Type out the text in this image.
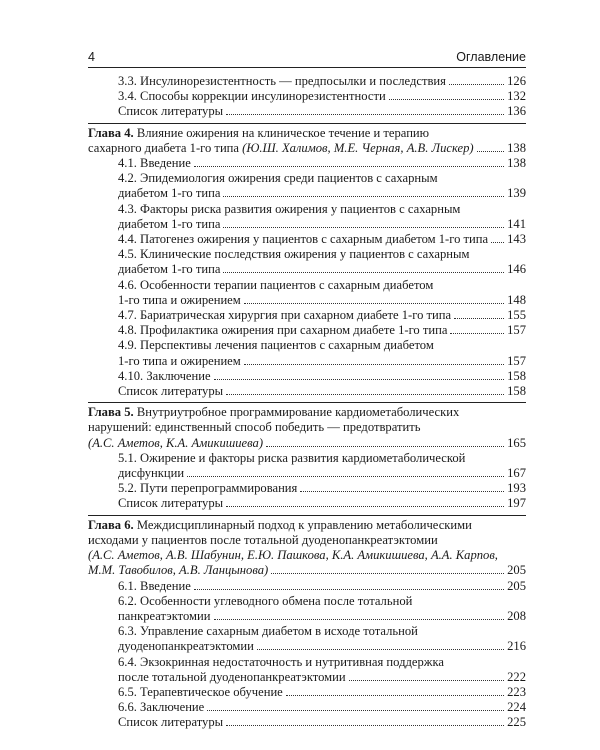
4	Оглавление
3.3. Инсулинорезистентность — предпосылки и последствия	126
3.4. Способы коррекции инсулинорезистентности	132
Список литературы	136
Глава 4. Влияние ожирения на клиническое течение и терапию
сахарного диабета 1-го типа (Ю.Ш. Халимов, М.Е. Черная, А.В. Лискер)	138
4.1. Введение	138
4.2. Эпидемиология ожирения среди пациентов с сахарным
диабетом 1-го типа	139
4.3. Факторы риска развития ожирения у пациентов с сахарным
диабетом 1-го типа	141
4.4. Патогенез ожирения у пациентов с сахарным диабетом 1-го типа 143
4.5. Клинические последствия ожирения у пациентов с сахарным
диабетом 1-го типа	146
4.6. Особенности терапии пациентов с сахарным диабетом
1-го типа и ожирением	148
4.7. Бариатрическая хирургия при сахарном диабете 1-го типа	155
4.8. Профилактика ожирения при сахарном диабете 1-го типа	157
4.9. Перспективы лечения пациентов с сахарным диабетом
1-го типа и ожирением	157
4.10. Заключение	158
Список литературы	158
Глава 5. Внутриутробное программирование кардиометаболических
нарушений: единственный способ победить — предотвратить
(А.С. Аметов, К.А. Амикишиева)	165
5.1. Ожирение и факторы риска развития кардиометаболической
дисфункции	167
5.2. Пути перепрограммирования	193
Список литературы	197
Глава 6. Междисциплинарный подход к управлению метаболическими
исходами у пациентов после тотальной дуоденопанкреатэктомии
(А.С. Аметов, А.В. Шабунин, Е.Ю. Пашкова, К.А. Амикишиева, А.А. Карпов,
М.М. Тавобилов, А.В. Ланцынова)	205
6.1. Введение	205
6.2. Особенности углеводного обмена после тотальной
панкреатэктомии	208
6.3. Управление сахарным диабетом в исходе тотальной
дуоденопанкреатэктомии	216
6.4. Экзокринная недостаточность и нутритивная поддержка
после тотальной дуоденопанкреатэктомии	222
6.5. Терапевтическое обучение	223
6.6. Заключение	224
Список литературы	225
